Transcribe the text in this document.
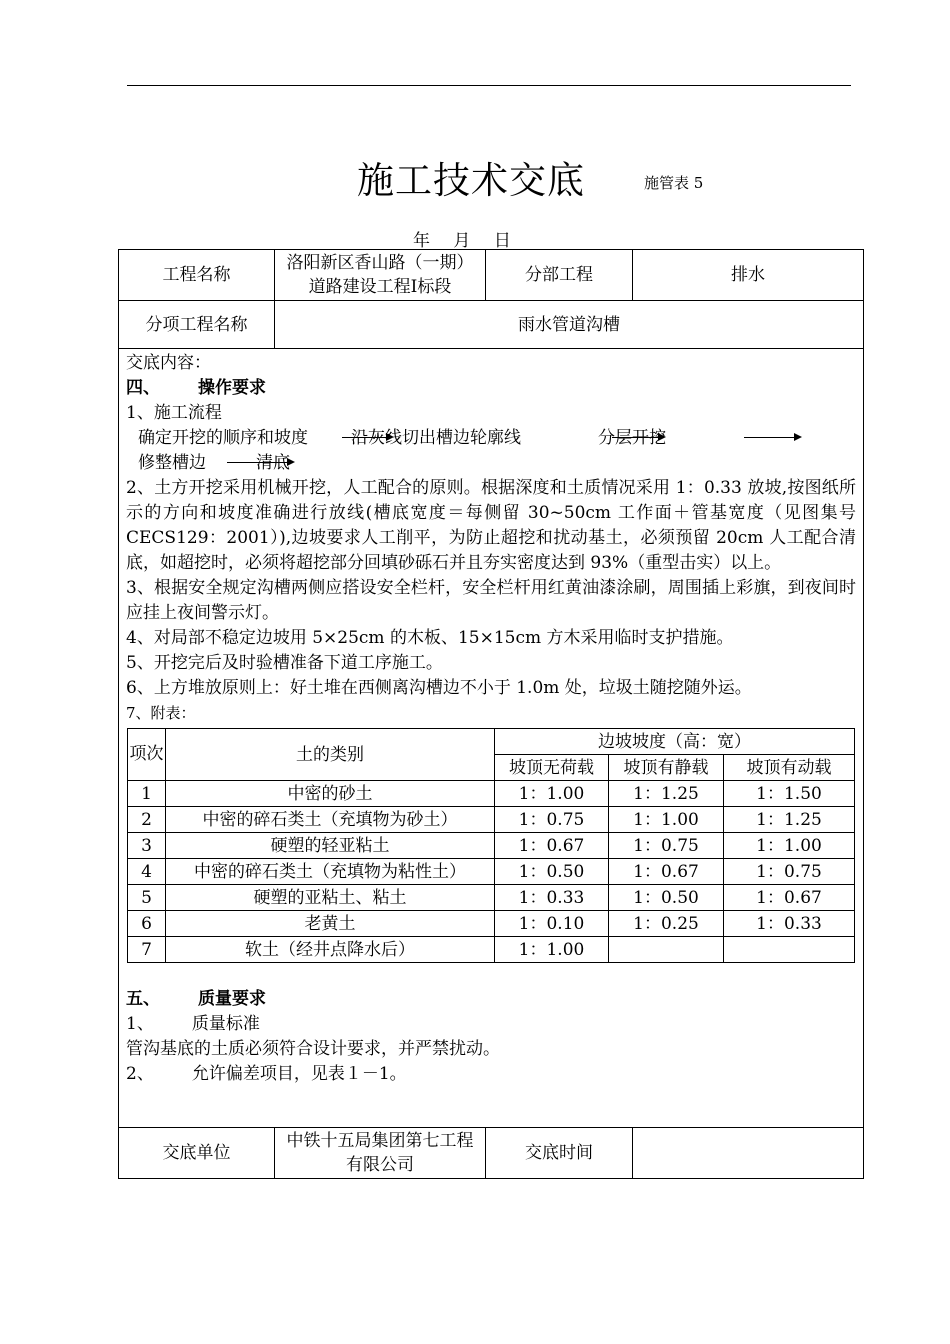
施工技术交底	施管表 5
年 月 日
工程名称	洛阳新区香山路（一期）道路建设工程Ⅰ标段	分部工程	排水
分项工程名称	雨水管道沟槽

交底内容：

四、 操作要求

1、施工流程

确定开挖的顺序和坡度	沿灰线切出槽边轮廓线	分层开挖
修整槽边	清底

2、土方开挖采用机械开挖，人工配合的原则。根据深度和土质情况采用 1：0.33 放坡,按图纸所示的方向和坡度准确进行放线(槽底宽度＝每侧留 30~50cm 工作面＋管基宽度（见图集号 CECS129：2001）),边坡要求人工削平，为防止超挖和扰动基土，必须预留 20cm 人工配合清底，如超挖时，必须将超挖部分回填砂砾石并且夯实密度达到 93%（重型击实）以上。

3、根据安全规定沟槽两侧应搭设安全栏杆，安全栏杆用红黄油漆涂刷，周围插上彩旗，到夜间时应挂上夜间警示灯。

4、对局部不稳定边坡用 5×25cm 的木板、15×15cm 方木采用临时支护措施。

5、开挖完后及时验槽准备下道工序施工。

6、上方堆放原则上：好土堆在西侧离沟槽边不小于 1.0m 处，垃圾土随挖随外运。

7、附表：

项次	土的类别	边坡坡度（高：宽）
坡顶无荷载	坡顶有静载	坡顶有动载
1	中密的砂土	1：1.00	1：1.25	1：1.50
2	中密的碎石类土（充填物为砂土）	1：0.75	1：1.00	1：1.25
3	硬塑的轻亚粘土	1：0.67	1：0.75	1：1.00
4	中密的碎石类土（充填物为粘性土）	1：0.50	1：0.67	1：0.75
5	硬塑的亚粘土、粘土	1：0.33	1：0.50	1：0.67
6	老黄土	1：0.10	1：0.25	1：0.33
7	软土（经井点降水后）	1：1.00		

五、 质量要求

1、 质量标准

管沟基底的土质必须符合设计要求，并严禁扰动。

2、 允许偏差项目，见表１－1。

交底单位	中铁十五局集团第七工程有限公司	交底时间	
